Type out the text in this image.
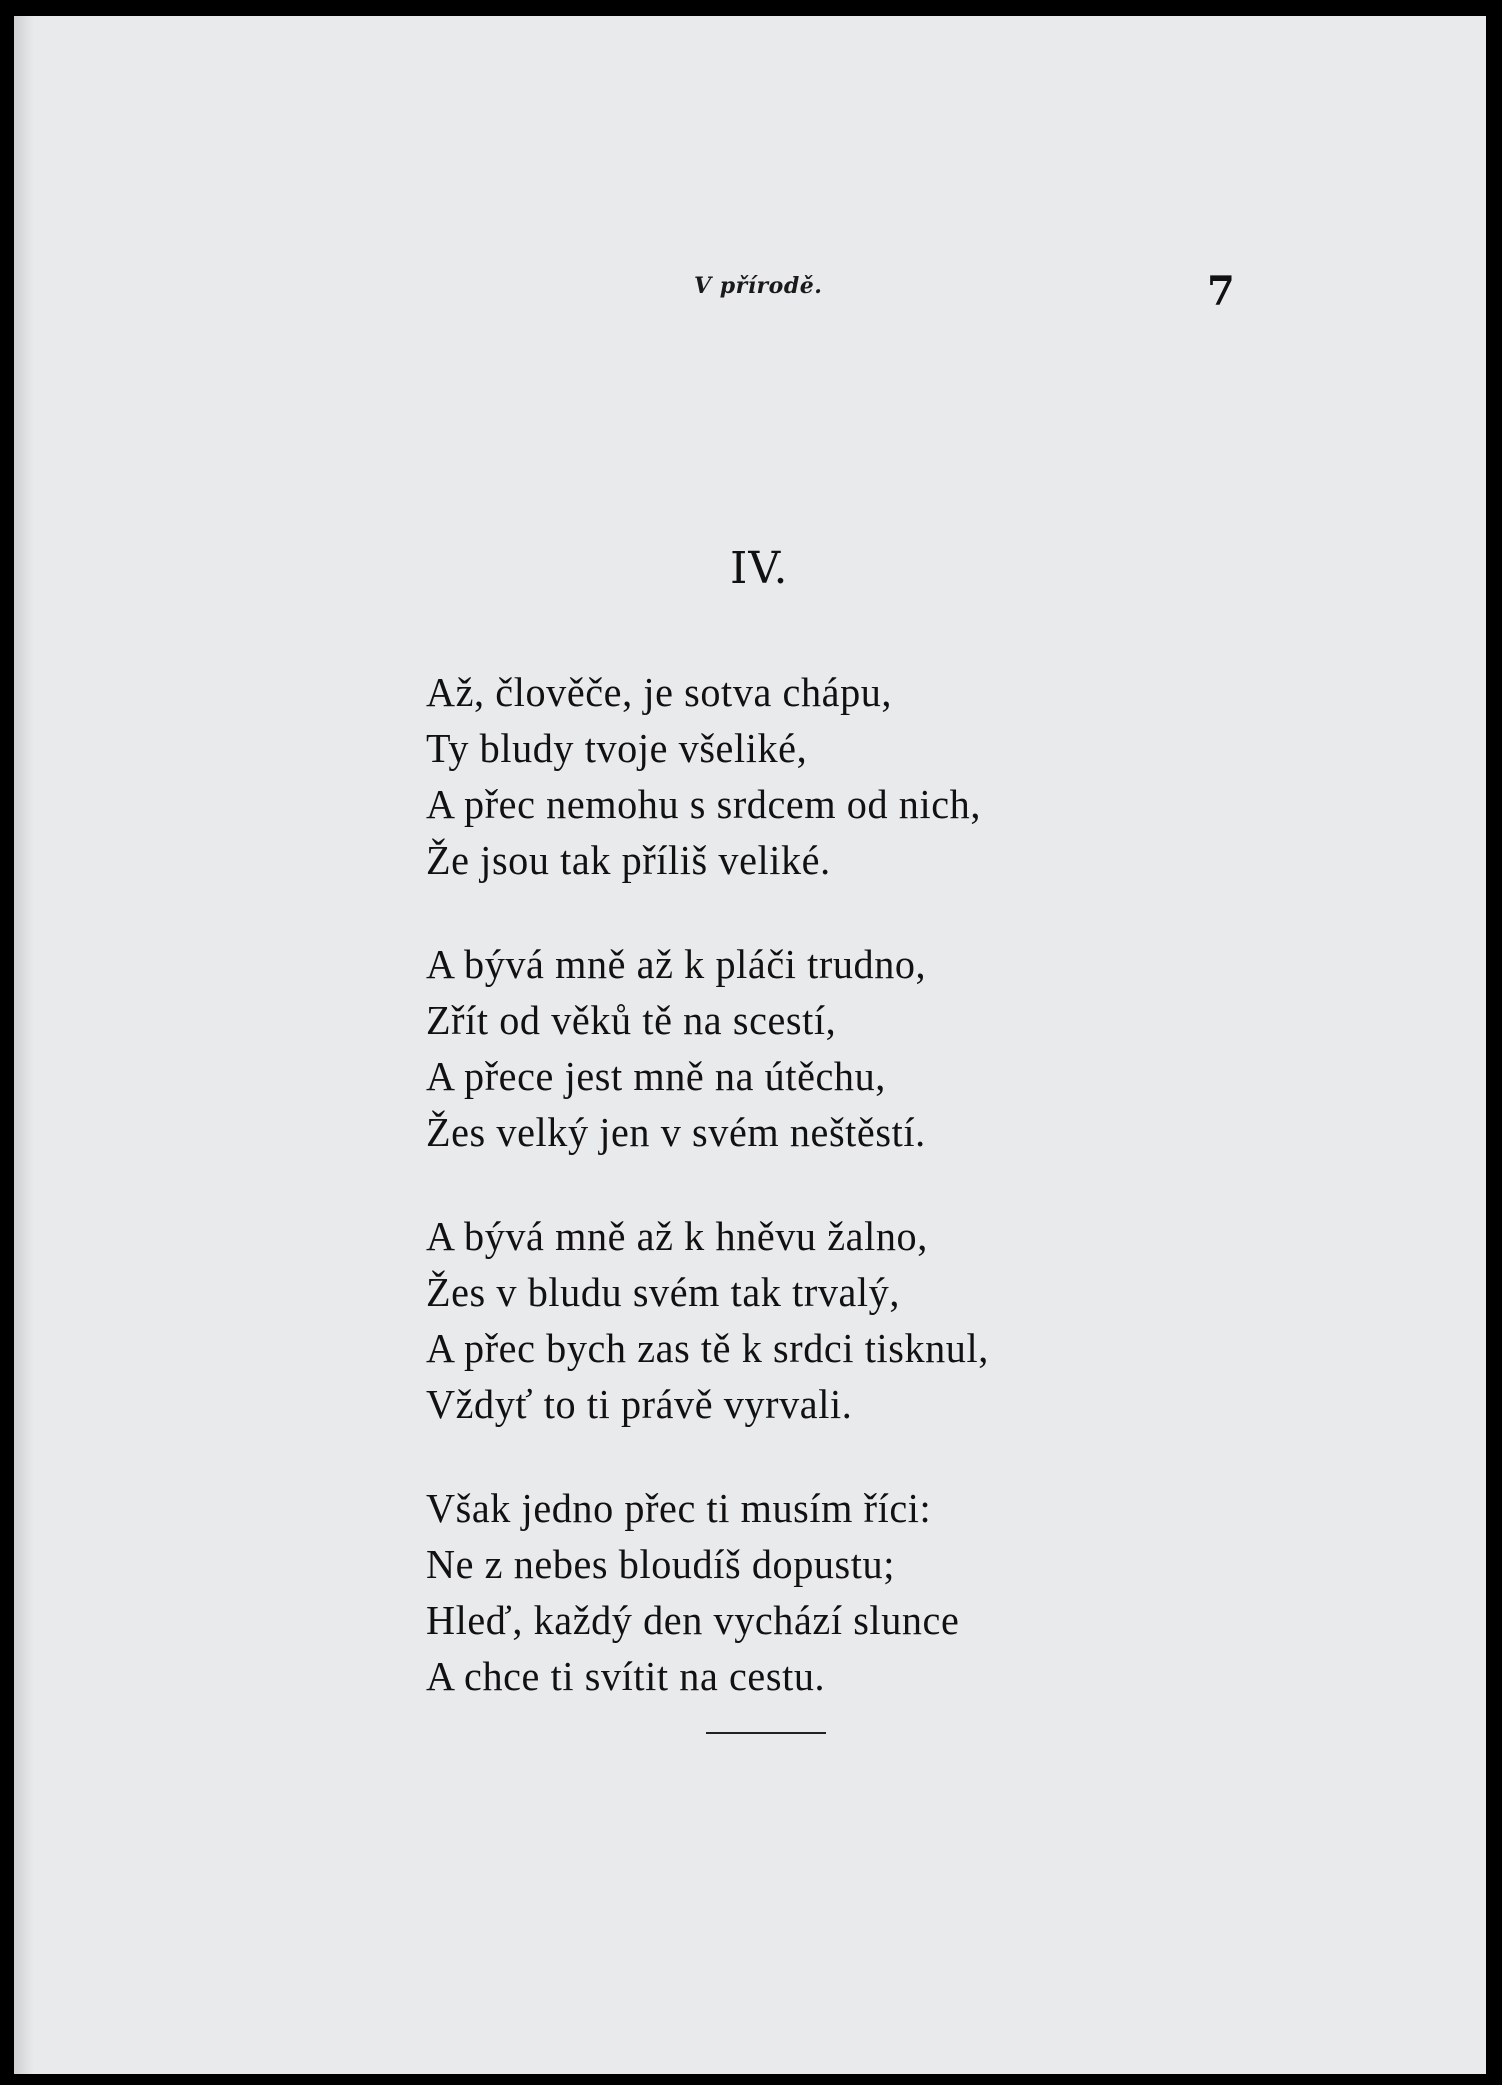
V přírodě.	7
IV.
Až, člověče, je sotva chápu,
Ty bludy tvoje všeliké,
A přec nemohu s srdcem od nich,
Že jsou tak příliš veliké.
A bývá mně až k pláči trudno,
Zřít od věků tě na scestí,
A přece jest mně na útěchu,
Žes velký jen v svém neštěstí.
A bývá mně až k hněvu žalno,
Žes v bludu svém tak trvalý,
A přec bych zas tě k srdci tisknul,
Vždyť to ti právě vyrvali.
Však jedno přec ti musím říci:
Ne z nebes bloudíš dopustu;
Hleď, každý den vychází slunce
A chce ti svítit na cestu.
